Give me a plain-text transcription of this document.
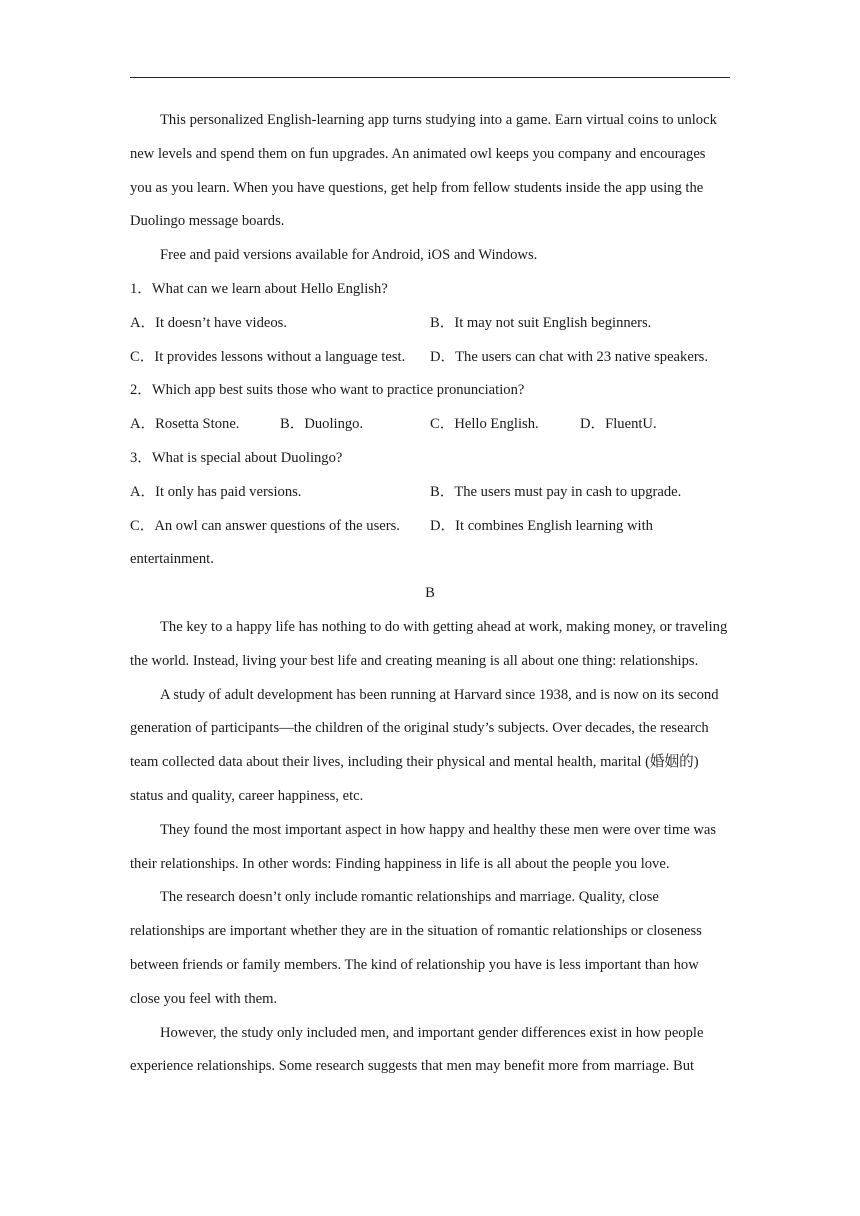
This personalized English-learning app turns studying into a game. Earn virtual coins to unlock new levels and spend them on fun upgrades. An animated owl keeps you company and encourages you as you learn. When you have questions, get help from fellow students inside the app using the Duolingo message boards.

Free and paid versions available for Android, iOS and Windows.

1．What can we learn about Hello English?

A．It doesn’t have videos.	B．It may not suit English beginners.
C．It provides lessons without a language test.	D．The users can chat with 23 native speakers.

2．Which app best suits those who want to practice pronunciation?

A．Rosetta Stone.	B．Duolingo.	C．Hello English.	D．FluentU.

3．What is special about Duolingo?

A．It only has paid versions.	B．The users must pay in cash to upgrade.
C．An owl can answer questions of the users.	D．It combines English learning with

entertainment.

B

The key to a happy life has nothing to do with getting ahead at work, making money, or traveling the world. Instead, living your best life and creating meaning is all about one thing: relationships.

A study of adult development has been running at Harvard since 1938, and is now on its second generation of participants—the children of the original study’s subjects. Over decades, the research team collected data about their lives, including their physical and mental health, marital (婚姻的) status and quality, career happiness, etc.

They found the most important aspect in how happy and healthy these men were over time was their relationships. In other words: Finding happiness in life is all about the people you love.

The research doesn’t only include romantic relationships and marriage. Quality, close relationships are important whether they are in the situation of romantic relationships or closeness between friends or family members. The kind of relationship you have is less important than how close you feel with them.

However, the study only included men, and important gender differences exist in how people experience relationships. Some research suggests that men may benefit more from marriage. But
